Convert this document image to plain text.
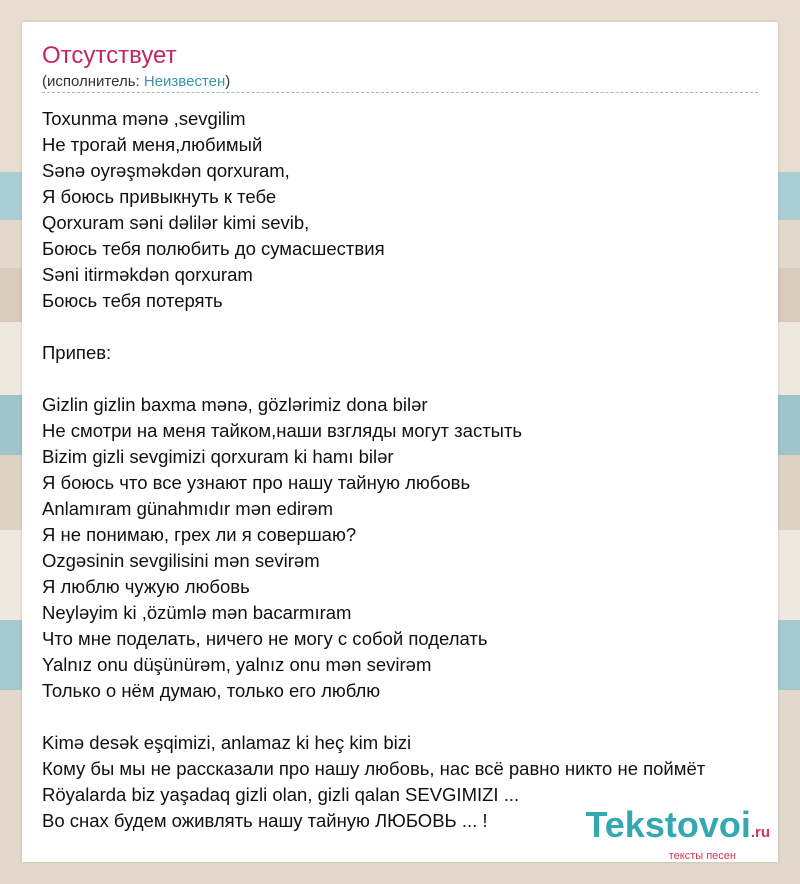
Отсутствует
(исполнитель: Неизвестен)
Toxunma mənə ,sevgilim
Не трогай меня,любимый
Sənə oyrəşməkdən qorxuram,
Я боюсь привыкнуть к тебе
Qorxuram səni dəlilər kimi sevib,
Боюсь тебя полюбить до сумасшествия
Səni itirməkdən qorxuram
Боюсь тебя потерять
Припев:
Gizlin gizlin baxma mənə, gözlərimiz dona bilər
Не смотри на меня тайком,наши взгляды могут застыть
Bizim gizli sevgimizi qorxuram ki hamı bilər
Я боюсь что все узнают про нашу тайную любовь
Anlamıram günahmıdır mən edirəm
Я не понимаю, грех ли я совершаю?
Ozgəsinin sevgilisini mən sevirəm
Я люблю чужую любовь
Neyləyim ki ,özümlə mən bacarmıram
Что мне поделать, ничего не могу с собой поделать
Yalnız onu düşünürəm, yalnız onu mən sevirəm
Только о нём думаю, только его люблю
Kimə desək eşqimizi, anlamaz ki heç kim bizi
Кому бы мы не рассказали про нашу любовь, нас всё равно никто не поймёт
Röyalarda biz yaşadaq gizli olan, gizli qalan SEVGIMIZI ...
Во снах будем оживлять нашу тайную ЛЮБОВЬ ... !	Tekstovoi.ru
тексты песен
